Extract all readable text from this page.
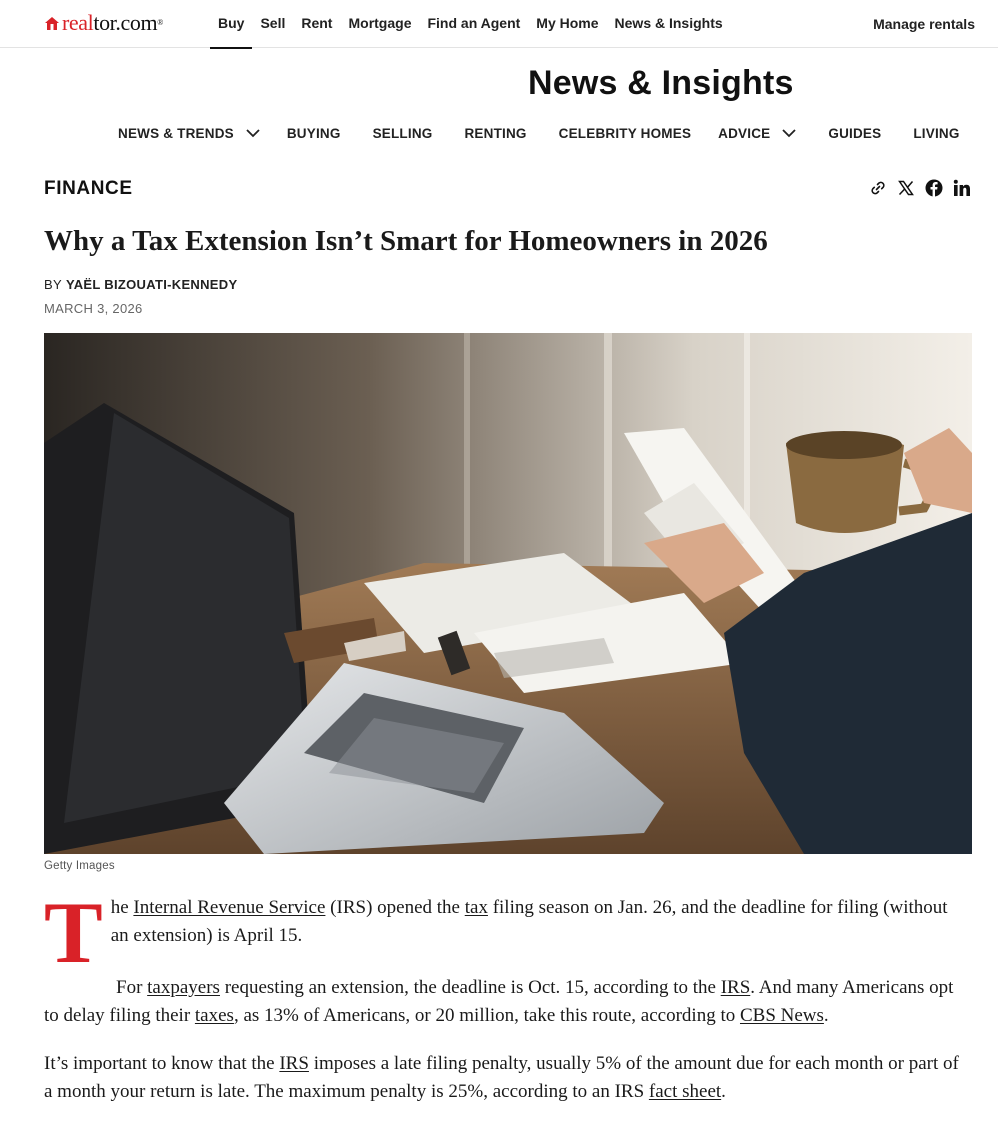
realtor.com®	Buy	Sell	Rent	Mortgage	Find an Agent	My Home	News & Insights	Manage rentals
News & Insights
NEWS & TRENDS	BUYING SELLING RENTING CELEBRITY HOMES ADVICE	GUIDES LIVING
FINANCE
Why a Tax Extension Isn’t Smart for Homeowners in 2026
BY YAËL BIZOUATI-KENNEDY
MARCH 3, 2026
Getty Images

The Internal Revenue Service (IRS) opened the tax filing season on Jan. 26, and the deadline for filing (without an extension) is April 15.

For taxpayers requesting an extension, the deadline is Oct. 15, according to the IRS. And many Americans opt to delay filing their taxes, as 13% of Americans, or 20 million, take this route, according to CBS News.

It’s important to know that the IRS imposes a late filing penalty, usually 5% of the amount due for each month or part of a month your return is late. The maximum penalty is 25%, according to an IRS fact sheet.
